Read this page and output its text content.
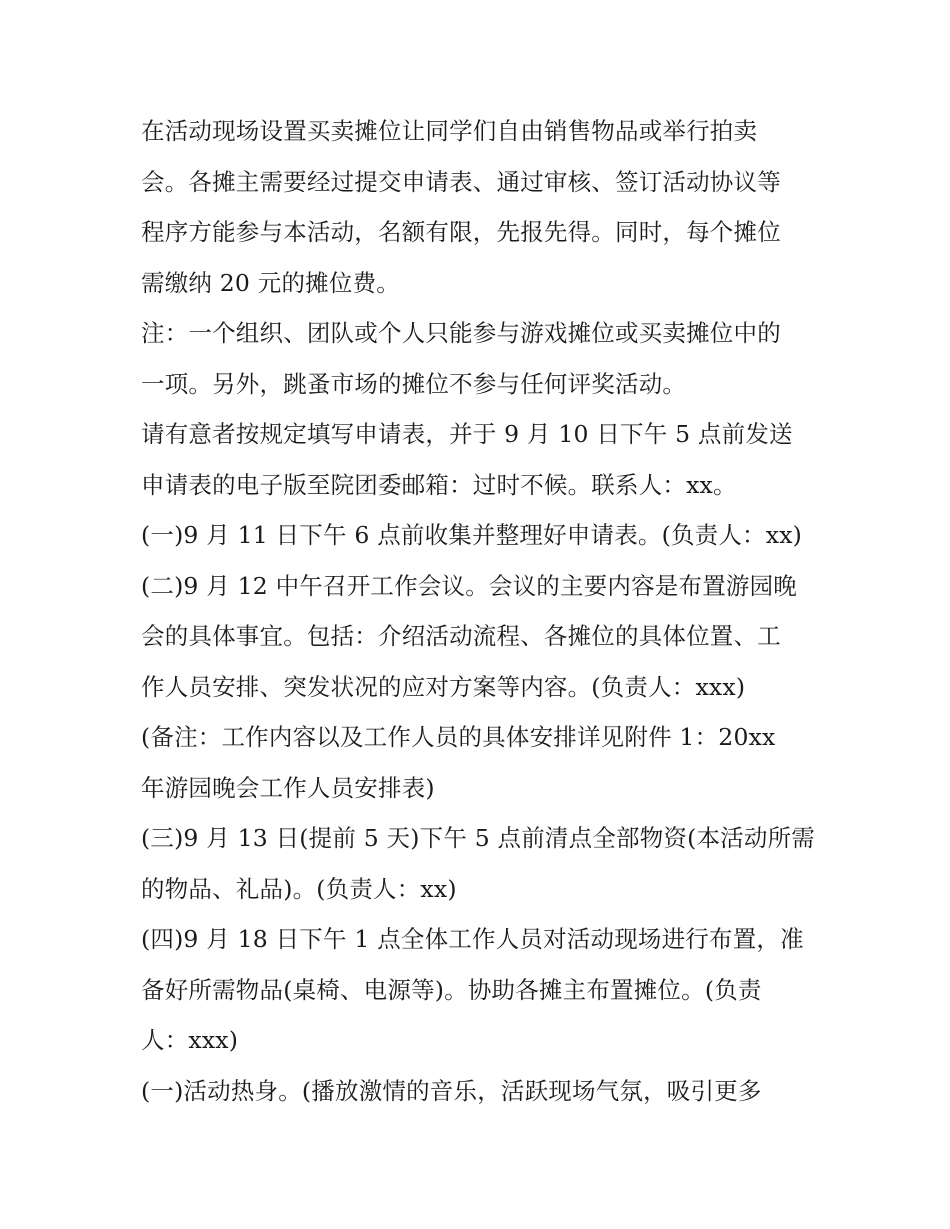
在活动现场设置买卖摊位让同学们自由销售物品或举行拍卖
会。各摊主需要经过提交申请表、通过审核、签订活动协议等
程序方能参与本活动，名额有限，先报先得。同时，每个摊位
需缴纳 20 元的摊位费。
注：一个组织、团队或个人只能参与游戏摊位或买卖摊位中的
一项。另外，跳蚤市场的摊位不参与任何评奖活动。
请有意者按规定填写申请表，并于 9 月 10 日下午 5 点前发送
申请表的电子版至院团委邮箱：过时不候。联系人：xx。
(一)9 月 11 日下午 6 点前收集并整理好申请表。(负责人：xx)
(二)9 月 12 中午召开工作会议。会议的主要内容是布置游园晚
会的具体事宜。包括：介绍活动流程、各摊位的具体位置、工
作人员安排、突发状况的应对方案等内容。(负责人：xxx)
(备注：工作内容以及工作人员的具体安排详见附件 1：20xx
年游园晚会工作人员安排表)
(三)9 月 13 日(提前 5 天)下午 5 点前清点全部物资(本活动所需
的物品、礼品)。(负责人：xx)
(四)9 月 18 日下午 1 点全体工作人员对活动现场进行布置，准
备好所需物品(桌椅、电源等)。协助各摊主布置摊位。(负责
人：xxx)
(一)活动热身。(播放激情的音乐，活跃现场气氛，吸引更多
